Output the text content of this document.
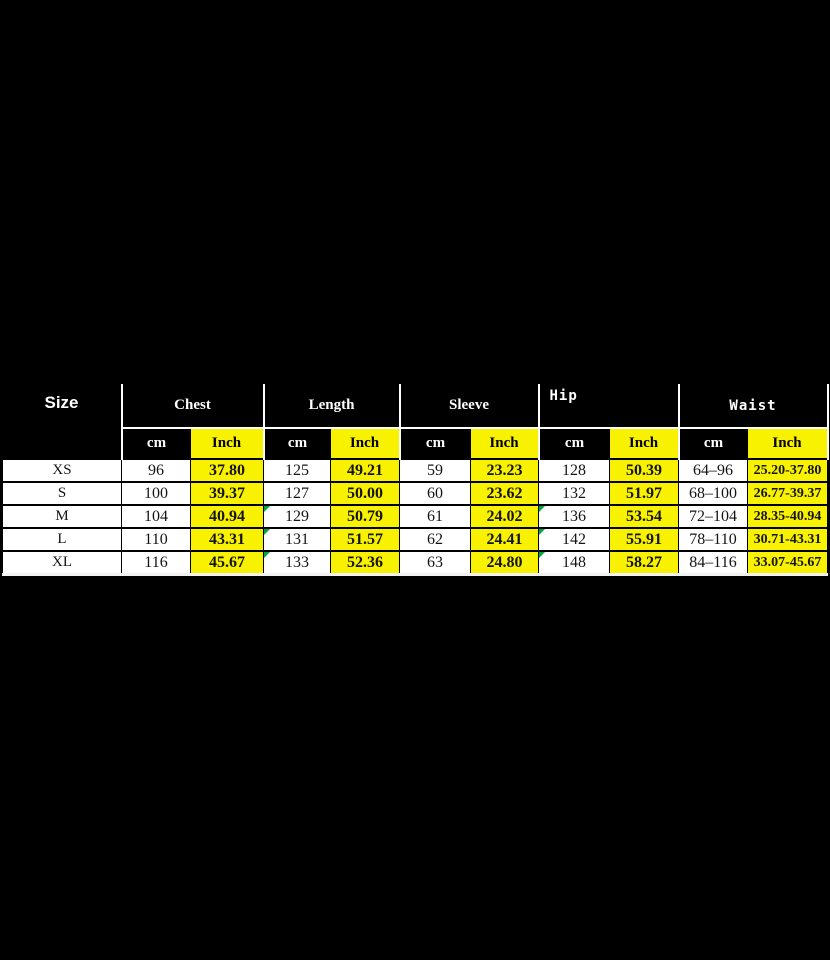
Size	Chest		Length		Sleeve		Hip		Waist	
	cm	Inch	cm	Inch	cm	Inch	cm	Inch	cm	Inch
XS	96	37.80	125	49.21	59	23.23	128	50.39	64–96	25.20-37.80
S	100	39.37	127	50.00	60	23.62	132	51.97	68–100	26.77-39.37
M	104	40.94	129	50.79	61	24.02	136	53.54	72–104	28.35-40.94
L	110	43.31	131	51.57	62	24.41	142	55.91	78–110	30.71-43.31
XL	116	45.67	133	52.36	63	24.80	148	58.27	84–116	33.07-45.67
